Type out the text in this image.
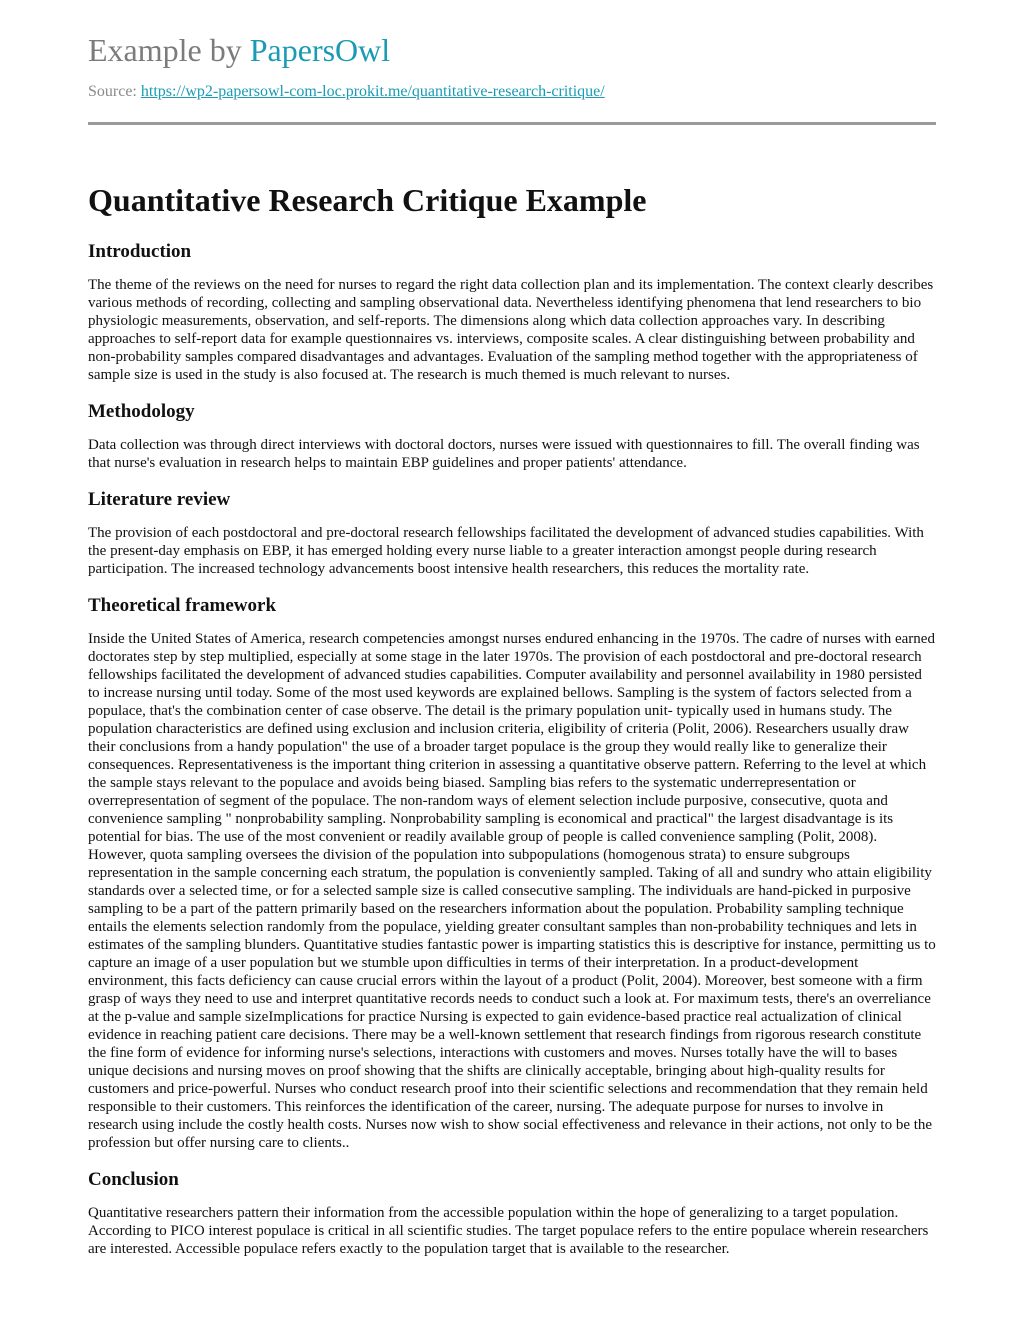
Example by PapersOwl
Source: https://wp2-papersowl-com-loc.prokit.me/quantitative-research-critique/
Quantitative Research Critique Example
Introduction

The theme of the reviews on the need for nurses to regard the right data collection plan and its implementation. The context clearly describes various methods of recording, collecting and sampling observational data. Nevertheless identifying phenomena that lend researchers to bio physiologic measurements, observation, and self-reports. The dimensions along which data collection approaches vary. In describing approaches to self-report data for example questionnaires vs. interviews, composite scales. A clear distinguishing between probability and non-probability samples compared disadvantages and advantages. Evaluation of the sampling method together with the appropriateness of sample size is used in the study is also focused at. The research is much themed is much relevant to nurses.

Methodology

Data collection was through direct interviews with doctoral doctors, nurses were issued with questionnaires to fill. The overall finding was that nurse's evaluation in research helps to maintain EBP guidelines and proper patients' attendance.

Literature review

The provision of each postdoctoral and pre-doctoral research fellowships facilitated the development of advanced studies capabilities. With the present-day emphasis on EBP, it has emerged holding every nurse liable to a greater interaction amongst people during research participation. The increased technology advancements boost intensive health researchers, this reduces the mortality rate.

Theoretical framework

Inside the United States of America, research competencies amongst nurses endured enhancing in the 1970s. The cadre of nurses with earned doctorates step by step multiplied, especially at some stage in the later 1970s. The provision of each postdoctoral and pre-doctoral research fellowships facilitated the development of advanced studies capabilities. Computer availability and personnel availability in 1980 persisted to increase nursing until today. Some of the most used keywords are explained bellows. Sampling is the system of factors selected from a populace, that's the combination center of case observe. The detail is the primary population unit- typically used in humans study. The population characteristics are defined using exclusion and inclusion criteria, eligibility of criteria (Polit, 2006). Researchers usually draw their conclusions from a handy population" the use of a broader target populace is the group they would really like to generalize their consequences. Representativeness is the important thing criterion in assessing a quantitative observe pattern. Referring to the level at which the sample stays relevant to the populace and avoids being biased. Sampling bias refers to the systematic underrepresentation or overrepresentation of segment of the populace. The non-random ways of element selection include purposive, consecutive, quota and convenience sampling " nonprobability sampling. Nonprobability sampling is economical and practical" the largest disadvantage is its potential for bias. The use of the most convenient or readily available group of people is called convenience sampling (Polit, 2008). However, quota sampling oversees the division of the population into subpopulations (homogenous strata) to ensure subgroups representation in the sample concerning each stratum, the population is conveniently sampled. Taking of all and sundry who attain eligibility standards over a selected time, or for a selected sample size is called consecutive sampling. The individuals are hand-picked in purposive sampling to be a part of the pattern primarily based on the researchers information about the population. Probability sampling technique entails the elements selection randomly from the populace, yielding greater consultant samples than non-probability techniques and lets in estimates of the sampling blunders. Quantitative studies fantastic power is imparting statistics this is descriptive for instance, permitting us to capture an image of a user population but we stumble upon difficulties in terms of their interpretation. In a product-development environment, this facts deficiency can cause crucial errors within the layout of a product (Polit, 2004). Moreover, best someone with a firm grasp of ways they need to use and interpret quantitative records needs to conduct such a look at. For maximum tests, there's an overreliance at the p-value and sample sizeImplications for practice Nursing is expected to gain evidence-based practice real actualization of clinical evidence in reaching patient care decisions. There may be a well-known settlement that research findings from rigorous research constitute the fine form of evidence for informing nurse's selections, interactions with customers and moves. Nurses totally have the will to bases unique decisions and nursing moves on proof showing that the shifts are clinically acceptable, bringing about high-quality results for customers and price-powerful. Nurses who conduct research proof into their scientific selections and recommendation that they remain held responsible to their customers. This reinforces the identification of the career, nursing. The adequate purpose for nurses to involve in research using include the costly health costs. Nurses now wish to show social effectiveness and relevance in their actions, not only to be the profession but offer nursing care to clients..

Conclusion

Quantitative researchers pattern their information from the accessible population within the hope of generalizing to a target population. According to PICO interest populace is critical in all scientific studies. The target populace refers to the entire populace wherein researchers are interested. Accessible populace refers exactly to the population target that is available to the researcher.
